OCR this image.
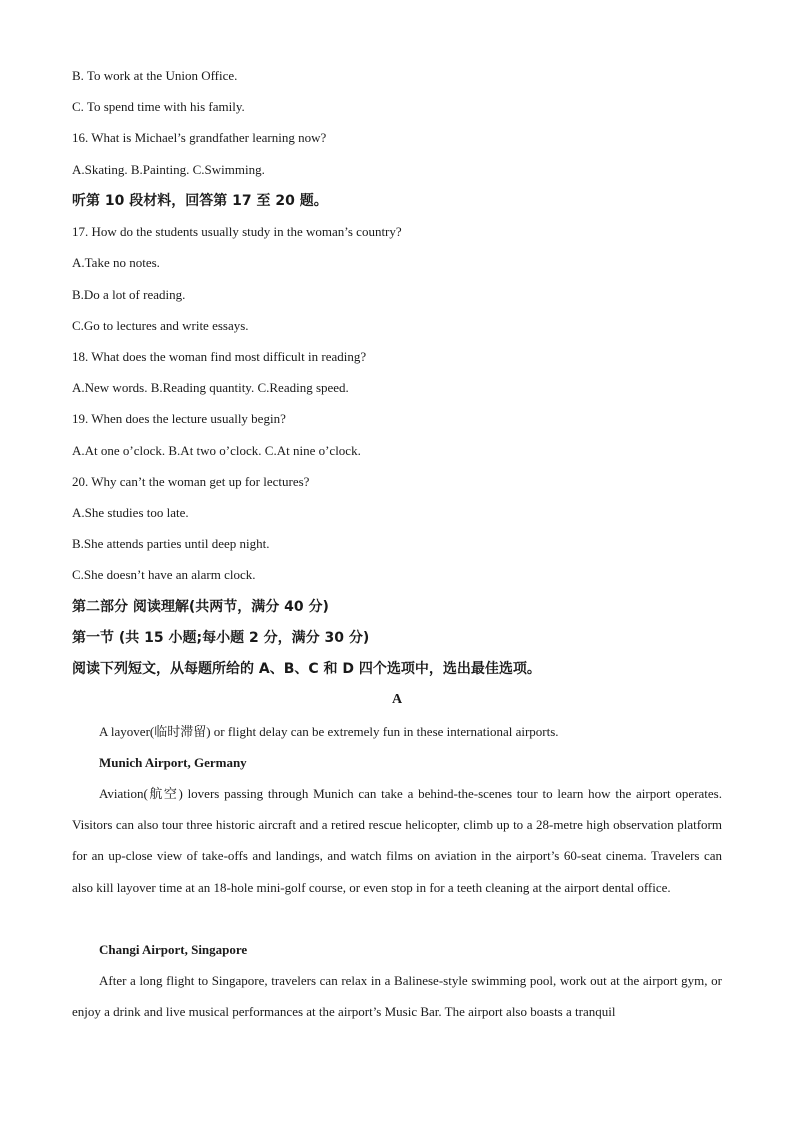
B. To work at the Union Office.
C. To spend time with his family.
16. What is Michael’s grandfather learning now?
A.Skating. B.Painting. C.Swimming.
听第 10 段材料，回答第 17 至 20 题。
17. How do the students usually study in the woman’s country?
A.Take no notes.
B.Do a lot of reading.
C.Go to lectures and write essays.
18. What does the woman find most difficult in reading?
A.New words. B.Reading quantity. C.Reading speed.
19. When does the lecture usually begin?
A.At one o’clock. B.At two o’clock. C.At nine o’clock.
20. Why can’t the woman get up for lectures?
A.She studies too late.
B.She attends parties until deep night.
C.She doesn’t have an alarm clock.
第二部分 阅读理解(共两节，满分 40 分)
第一节 (共 15 小题;每小题 2 分，满分 30 分)
阅读下列短文，从每题所给的 A、B、C 和 D 四个选项中，选出最佳选项。
A
A layover(临时滞留) or flight delay can be extremely fun in these international airports.
Munich Airport, Germany

Aviation(航空) lovers passing through Munich can take a behind-the-scenes tour to learn how the airport operates. Visitors can also tour three historic aircraft and a retired rescue helicopter, climb up to a 28-metre high observation platform for an up-close view of take-offs and landings, and watch films on aviation in the airport’s 60-seat cinema. Travelers can also kill layover time at an 18-hole mini-golf course, or even stop in for a teeth cleaning at the airport dental office.

Changi Airport, Singapore

After a long flight to Singapore, travelers can relax in a Balinese-style swimming pool, work out at the airport gym, or enjoy a drink and live musical performances at the airport’s Music Bar. The airport also boasts a tranquil
